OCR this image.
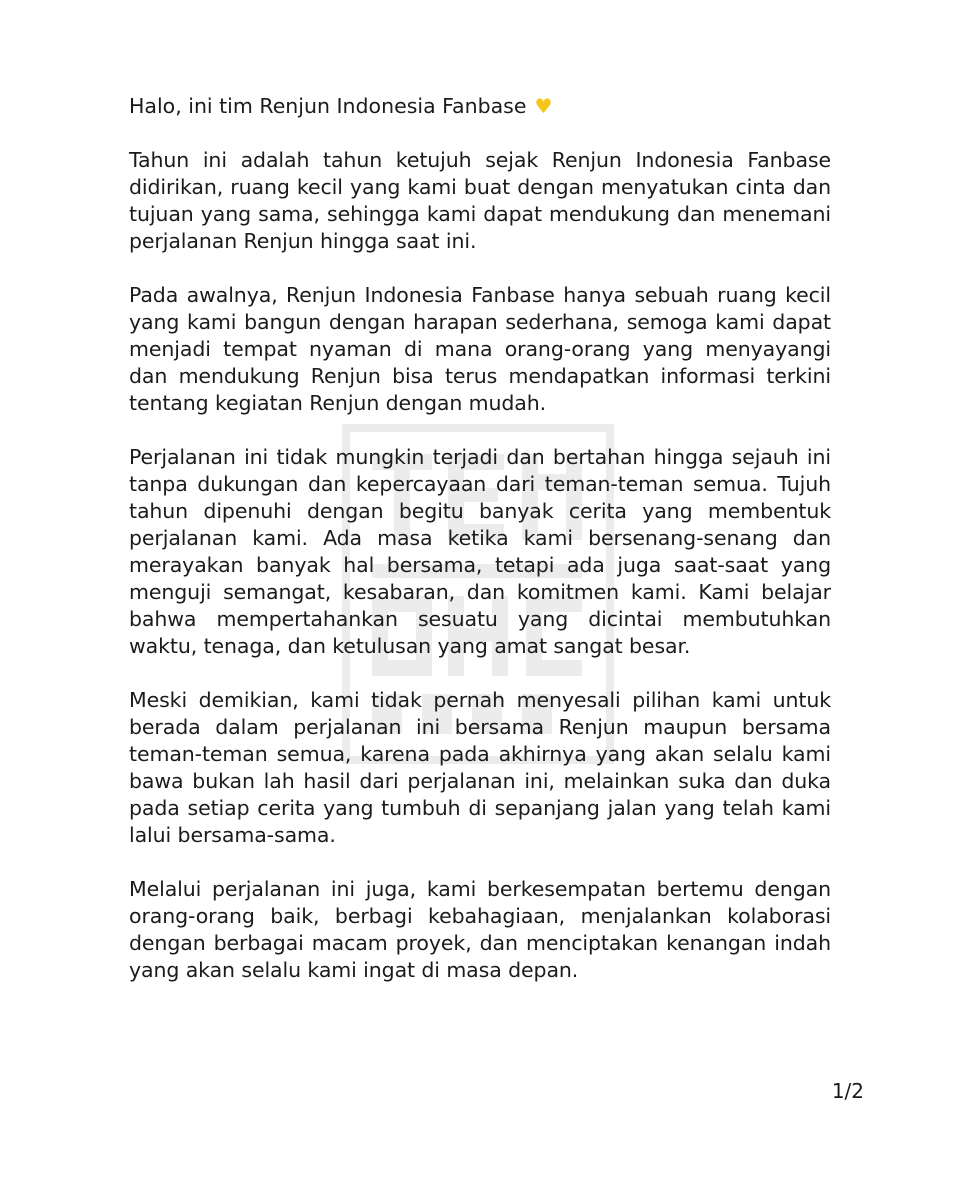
Halo, ini tim Renjun Indonesia Fanbase ♥

Tahun ini adalah tahun ketujuh sejak Renjun Indonesia Fanbase didirikan, ruang kecil yang kami buat dengan menyatukan cinta dan tujuan yang sama, sehingga kami dapat mendukung dan menemani perjalanan Renjun hingga saat ini.

Pada awalnya, Renjun Indonesia Fanbase hanya sebuah ruang kecil yang kami bangun dengan harapan sederhana, semoga kami dapat menjadi tempat nyaman di mana orang-orang yang menyayangi dan mendukung Renjun bisa terus mendapatkan informasi terkini tentang kegiatan Renjun dengan mudah.

Perjalanan ini tidak mungkin terjadi dan bertahan hingga sejauh ini tanpa dukungan dan kepercayaan dari teman-teman semua. Tujuh tahun dipenuhi dengan begitu banyak cerita yang membentuk perjalanan kami. Ada masa ketika kami bersenang-senang dan merayakan banyak hal bersama, tetapi ada juga saat-saat yang menguji semangat, kesabaran, dan komitmen kami. Kami belajar bahwa mempertahankan sesuatu yang dicintai membutuhkan waktu, tenaga, dan ketulusan yang amat sangat besar.

Meski demikian, kami tidak pernah menyesali pilihan kami untuk berada dalam perjalanan ini bersama Renjun maupun bersama teman-teman semua, karena pada akhirnya yang akan selalu kami bawa bukan lah hasil dari perjalanan ini, melainkan suka dan duka pada setiap cerita yang tumbuh di sepanjang jalan yang telah kami lalui bersama-sama.

Melalui perjalanan ini juga, kami berkesempatan bertemu dengan orang-orang baik, berbagi kebahagiaan, menjalankan kolaborasi dengan berbagai macam proyek, dan menciptakan kenangan indah yang akan selalu kami ingat di masa depan.

1/2
